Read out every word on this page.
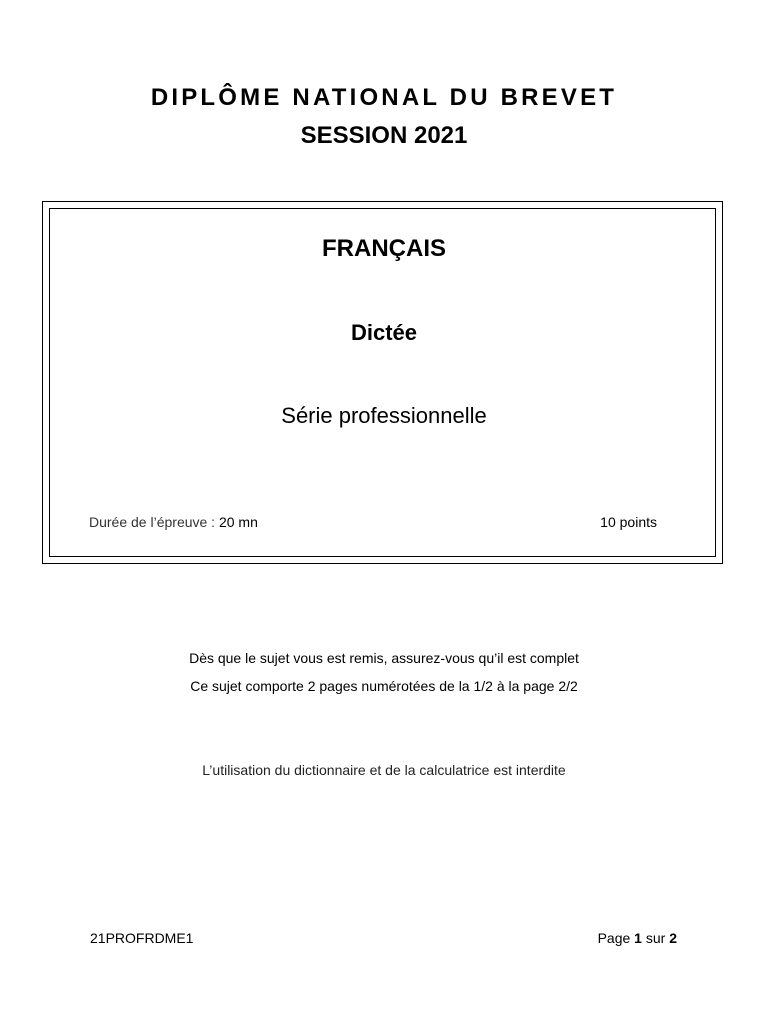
DIPLÔME NATIONAL DU BREVET
SESSION 2021
FRANÇAIS
Dictée
Série professionnelle
Durée de l’épreuve : 20 mn	10 points
Dès que le sujet vous est remis, assurez-vous qu’il est complet
Ce sujet comporte 2 pages numérotées de la 1/2 à la page 2/2
L’utilisation du dictionnaire et de la calculatrice est interdite
21PROFRDME1	Page 1 sur 2
